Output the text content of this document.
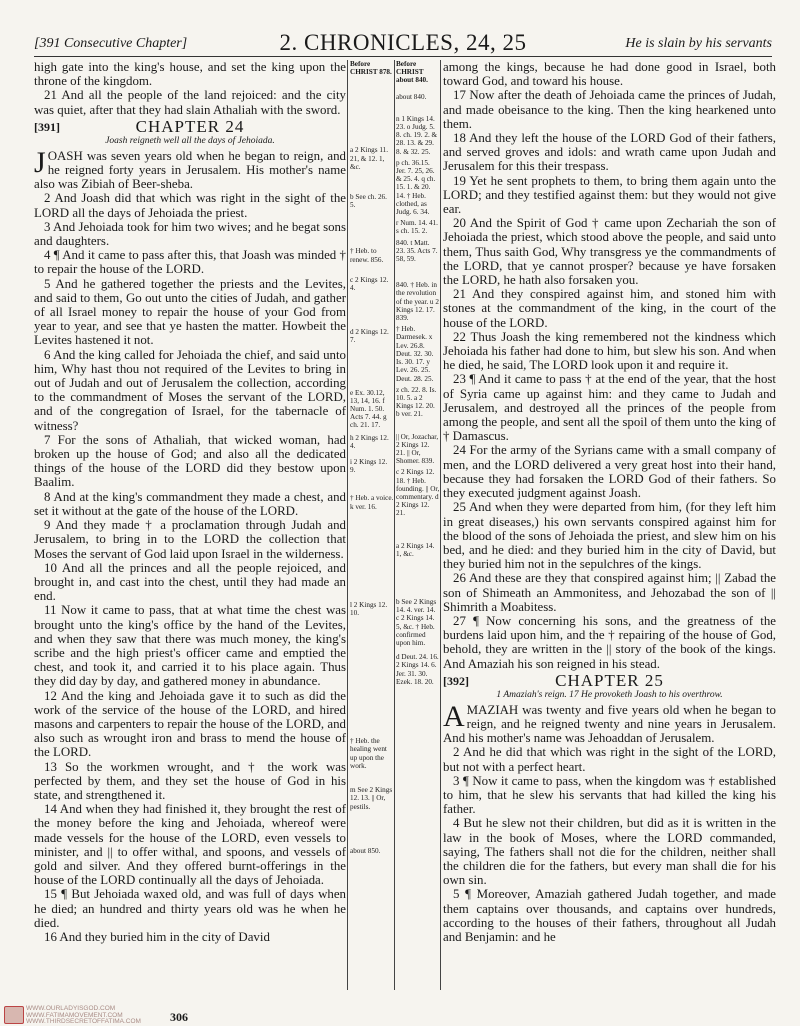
[391 Consecutive Chapter]	2. CHRONICLES, 24, 25	He is slain by his servants

high gate into the king's house, and set the king upon the throne of the kingdom.

21 And all the people of the land rejoiced: and the city was quiet, after that they had slain Athaliah with the sword.

[391]	CHAPTER 24
Joash reigneth well all the days of Jehoiada.

JOASH was seven years old when he began to reign, and he reigned forty years in Jerusalem. His mother's name also was Zibiah of Beer-sheba.

2 And Joash did that which was right in the sight of the LORD all the days of Jehoiada the priest.

3 And Jehoiada took for him two wives; and he begat sons and daughters.

4 ¶ And it came to pass after this, that Joash was minded † to repair the house of the LORD.

5 And he gathered together the priests and the Levites, and said to them, Go out unto the cities of Judah, and gather of all Israel money to repair the house of your God from year to year, and see that ye hasten the matter. Howbeit the Levites hastened it not.

6 And the king called for Jehoiada the chief, and said unto him, Why hast thou not required of the Levites to bring in out of Judah and out of Jerusalem the collection, according to the commandment of Moses the servant of the LORD, and of the congregation of Israel, for the tabernacle of witness?

7 For the sons of Athaliah, that wicked woman, had broken up the house of God; and also all the dedicated things of the house of the LORD did they bestow upon Baalim.

8 And at the king's commandment they made a chest, and set it without at the gate of the house of the LORD.

9 And they made † a proclamation through Judah and Jerusalem, to bring in to the LORD the collection that Moses the servant of God laid upon Israel in the wilderness.

10 And all the princes and all the people rejoiced, and brought in, and cast into the chest, until they had made an end.

11 Now it came to pass, that at what time the chest was brought unto the king's office by the hand of the Levites, and when they saw that there was much money, the king's scribe and the high priest's officer came and emptied the chest, and took it, and carried it to his place again. Thus they did day by day, and gathered money in abundance.

12 And the king and Jehoiada gave it to such as did the work of the service of the house of the LORD, and hired masons and carpenters to repair the house of the LORD, and also such as wrought iron and brass to mend the house of the LORD.

13 So the workmen wrought, and † the work was perfected by them, and they set the house of God in his state, and strengthened it.

14 And when they had finished it, they brought the rest of the money before the king and Jehoiada, whereof were made vessels for the house of the LORD, even vessels to minister, and || to offer withal, and spoons, and vessels of gold and silver. And they offered burnt-offerings in the house of the LORD continually all the days of Jehoiada.

15 ¶ But Jehoiada waxed old, and was full of days when he died; an hundred and thirty years old was he when he died.

16 And they buried him in the city of David

Before CHRIST 878.
a 2 Kings 11. 21, & 12. 1, &c.
b See ch. 26. 5.
† Heb. to renew. 856.
c 2 Kings 12. 4.
d 2 Kings 12. 7.
e Ex. 30.12, 13, 14, 16. f Num. 1. 50. Acts 7. 44. g ch. 21. 17.
h 2 Kings 12. 4.
i 2 Kings 12. 9.
† Heb. a voice. k ver. 16.
l 2 Kings 12. 10.
† Heb. the healing went up upon the work.
m See 2 Kings 12. 13. || Or, pestils.
about 850.
Before CHRIST about 840.
about 840.
n 1 Kings 14. 23. o Judg. 5. 8. ch. 19. 2. & 28. 13. & 29. 8. & 32. 25.
p ch. 36.15. Jer. 7. 25, 26. & 25. 4. q ch. 15. 1. & 20. 14. † Heb. clothed, as Judg. 6. 34.
r Num. 14. 41. s ch. 15. 2.
840. t Matt. 23. 35. Acts 7. 58, 59.
840. † Heb. in the revolution of the year. u 2 Kings 12. 17. 839.
† Heb. Darmesek. x Lev. 26.8. Deut. 32. 30. Is. 30. 17. y Lev. 26. 25. Deut. 28. 25.
z ch. 22. 8. Is. 10. 5. a 2 Kings 12. 20. b ver. 21.
|| Or, Jozachar, 2 Kings 12. 21. || Or, Shomer. 839.
c 2 Kings 12. 18. † Heb. founding. || Or, commentary. d 2 Kings 12. 21.
a 2 Kings 14. 1, &c.
b See 2 Kings 14. 4. ver. 14. c 2 Kings 14. 5, &c. † Heb. confirmed upon him.
d Deut. 24. 16. 2 Kings 14. 6. Jer. 31. 30. Ezek. 18. 20.

among the kings, because he had done good in Israel, both toward God, and toward his house.

17 Now after the death of Jehoiada came the princes of Judah, and made obeisance to the king. Then the king hearkened unto them.

18 And they left the house of the LORD God of their fathers, and served groves and idols: and wrath came upon Judah and Jerusalem for this their trespass.

19 Yet he sent prophets to them, to bring them again unto the LORD; and they testified against them: but they would not give ear.

20 And the Spirit of God † came upon Zechariah the son of Jehoiada the priest, which stood above the people, and said unto them, Thus saith God, Why transgress ye the commandments of the LORD, that ye cannot prosper? because ye have forsaken the LORD, he hath also forsaken you.

21 And they conspired against him, and stoned him with stones at the commandment of the king, in the court of the house of the LORD.

22 Thus Joash the king remembered not the kindness which Jehoiada his father had done to him, but slew his son. And when he died, he said, The LORD look upon it and require it.

23 ¶ And it came to pass † at the end of the year, that the host of Syria came up against him: and they came to Judah and Jerusalem, and destroyed all the princes of the people from among the people, and sent all the spoil of them unto the king of † Damascus.

24 For the army of the Syrians came with a small company of men, and the LORD delivered a very great host into their hand, because they had forsaken the LORD God of their fathers. So they executed judgment against Joash.

25 And when they were departed from him, (for they left him in great diseases,) his own servants conspired against him for the blood of the sons of Jehoiada the priest, and slew him on his bed, and he died: and they buried him in the city of David, but they buried him not in the sepulchres of the kings.

26 And these are they that conspired against him; || Zabad the son of Shimeath an Ammonitess, and Jehozabad the son of || Shimrith a Moabitess.

27 ¶ Now concerning his sons, and the greatness of the burdens laid upon him, and the † repairing of the house of God, behold, they are written in the || story of the book of the kings. And Amaziah his son reigned in his stead.

[392]	CHAPTER 25
1 Amaziah's reign. 17 He provoketh Joash to his overthrow.

AMAZIAH was twenty and five years old when he began to reign, and he reigned twenty and nine years in Jerusalem. And his mother's name was Jehoaddan of Jerusalem.

2 And he did that which was right in the sight of the LORD, but not with a perfect heart.

3 ¶ Now it came to pass, when the kingdom was † established to him, that he slew his servants that had killed the king his father.

4 But he slew not their children, but did as it is written in the law in the book of Moses, where the LORD commanded, saying, The fathers shall not die for the children, neither shall the children die for the fathers, but every man shall die for his own sin.

5 ¶ Moreover, Amaziah gathered Judah together, and made them captains over thousands, and captains over hundreds, according to the houses of their fathers, throughout all Judah and Benjamin: and he

WWW.OURLADYISGOD.COM
WWW.FATIMAMOVEMENT.COM
WWW.THIRDSECRETOFFATIMA.COM 306
